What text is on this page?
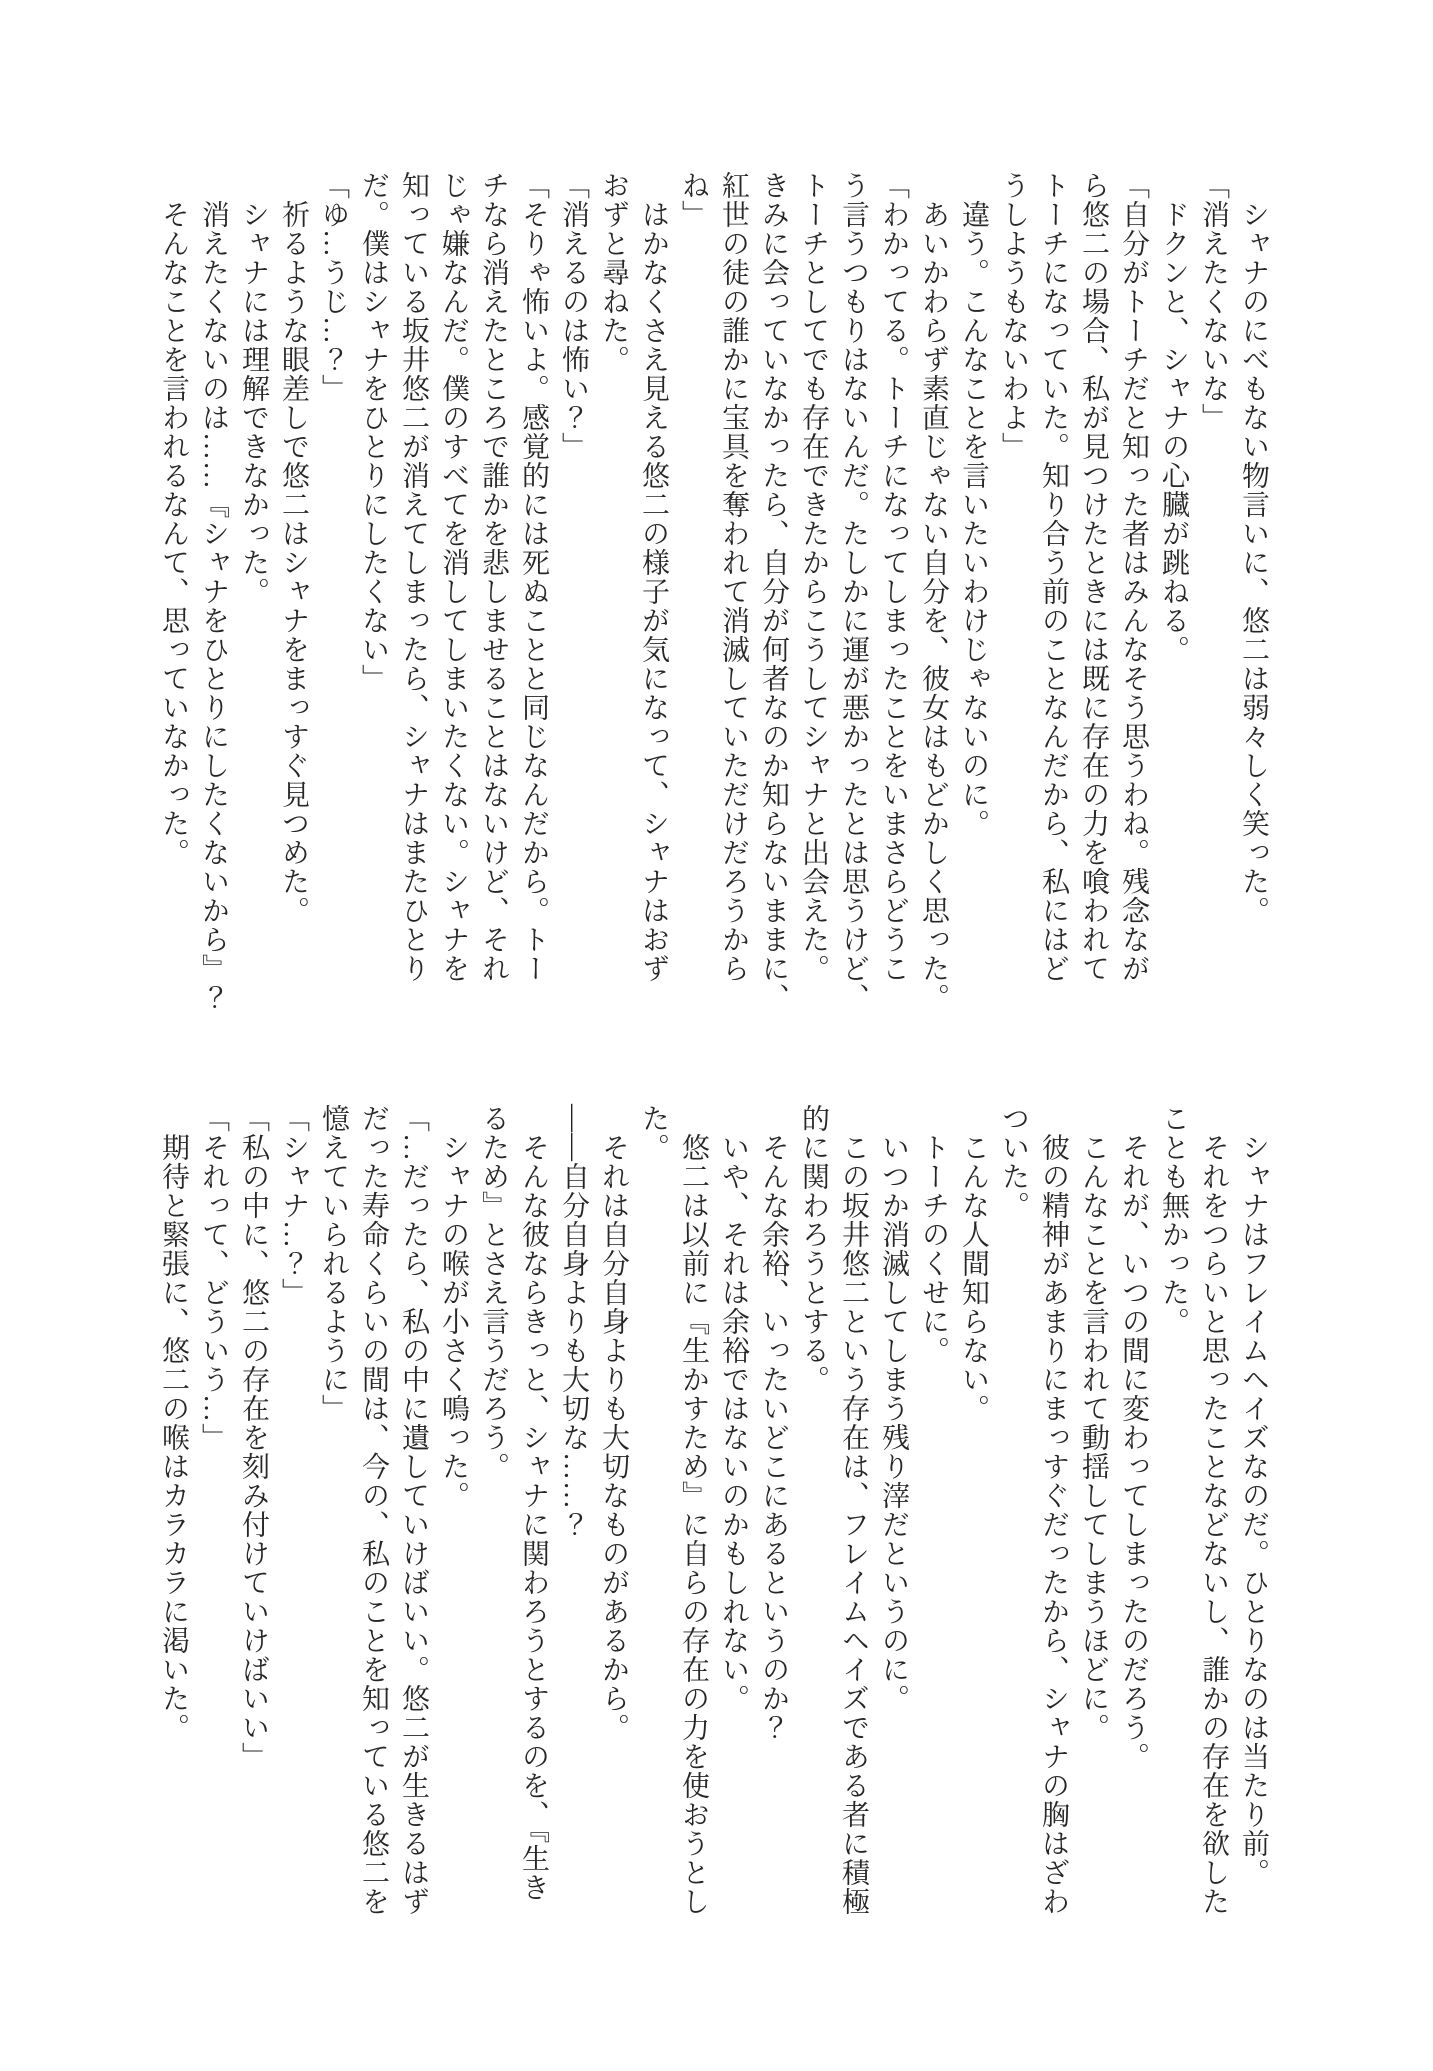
　シャナのにべもない物言いに、悠二は弱々しく笑った。

「消えたくないな」

　ドクンと、シャナの心臓が跳ねる。

「自分がトーチだと知った者はみんなそう思うわね。残念なが

ら悠二の場合、私が見つけたときには既に存在の力を喰われて

トーチになっていた。知り合う前のことなんだから、私にはど

うしようもないわよ」

　違う。こんなことを言いたいわけじゃないのに。

　あいかわらず素直じゃない自分を、彼女はもどかしく思った。

「わかってる。トーチになってしまったことをいまさらどうこ

う言うつもりはないんだ。たしかに運が悪かったとは思うけど、

トーチとしてでも存在できたからこうしてシャナと出会えた。

きみに会っていなかったら、自分が何者なのか知らないままに、

紅世の徒の誰かに宝具を奪われて消滅していただけだろうから

ね」

　はかなくさえ見える悠二の様子が気になって、シャナはおず

おずと尋ねた。

「消えるのは怖い？」

「そりゃ怖いよ。感覚的には死ぬことと同じなんだから。トー

チなら消えたところで誰かを悲しませることはないけど、それ

じゃ嫌なんだ。僕のすべてを消してしまいたくない。シャナを

知っている坂井悠二が消えてしまったら、シャナはまたひとり

だ。僕はシャナをひとりにしたくない」

「ゆ…うじ…？」

　祈るような眼差しで悠二はシャナをまっすぐ見つめた。

　シャナには理解できなかった。

　消えたくないのは……『シャナをひとりにしたくないから』？

　そんなことを言われるなんて、思っていなかった。

　シャナはフレイムヘイズなのだ。ひとりなのは当たり前。

　それをつらいと思ったことなどないし、誰かの存在を欲した

ことも無かった。

　それが、いつの間に変わってしまったのだろう。

　こんなことを言われて動揺してしまうほどに。

　彼の精神があまりにまっすぐだったから、シャナの胸はざわ

ついた。

　こんな人間知らない。

　トーチのくせに。

　いつか消滅してしまう残り滓だというのに。

　この坂井悠二という存在は、フレイムヘイズである者に積極

的に関わろうとする。

　そんな余裕、いったいどこにあるというのか？

　いや、それは余裕ではないのかもしれない。

　悠二は以前に『生かすため』に自らの存在の力を使おうとし

た。

　それは自分自身よりも大切なものがあるから。

――自分自身よりも大切な……？

　そんな彼ならきっと、シャナに関わろうとするのを、『生き

るため』とさえ言うだろう。

　シャナの喉が小さく鳴った。

「…だったら、私の中に遺していけばいい。悠二が生きるはず

だった寿命くらいの間は、今の、私のことを知っている悠二を

憶えていられるように」

「シャナ…？」

「私の中に、悠二の存在を刻み付けていけばいい」

「それって、どういう…」

　期待と緊張に、悠二の喉はカラカラに渇いた。
